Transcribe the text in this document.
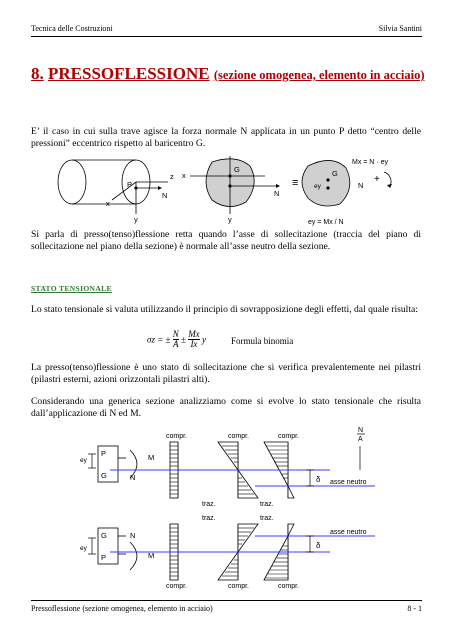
Tecnica delle Costruzioni	Silvia Santini
8. PRESSOFLESSIONE (sezione omogenea, elemento in acciaio)

E’ il caso in cui sulla trave agisce la forza normale N applicata in un punto P detto “centro delle pressioni” eccentrico rispetto al baricentro G.

z
P
N
x
y
x
G
N
y
≡
G
ey
Mx = N · ey
N
+
ey = Mx / N

Si parla di presso(tenso)flessione retta quando l’asse di sollecitazione (traccia del piano di sollecitazione nel piano della sezione) è normale all’asse neutro della sezione.

STATO TENSIONALE

Lo stato tensionale si valuta utilizzando il principio di sovrapposizione degli effetti, dal quale risulta:

σz = ± $\frac{N}{A} \pm \frac{Mx}{Ix}$ y	Formula binomia

La presso(tenso)flessione è uno stato di sollecitazione che si verifica prevalentemente nei pilastri (pilastri esterni, azioni orizzontali pilastri alti).

Considerando una generica sezione analizziamo come si evolve lo stato tensionale che risulta dall’applicazione di N ed M.

compr.	compr.	compr.
N
A
P
G	N
M
ey
δ asse neutro
traz.	traz.
traz.	traz.
G
P
N
M
ey	δ
asse neutro
compr.	compr.	compr.
Pressoflessione (sezione omogenea, elemento in acciaio)	8 - 1
